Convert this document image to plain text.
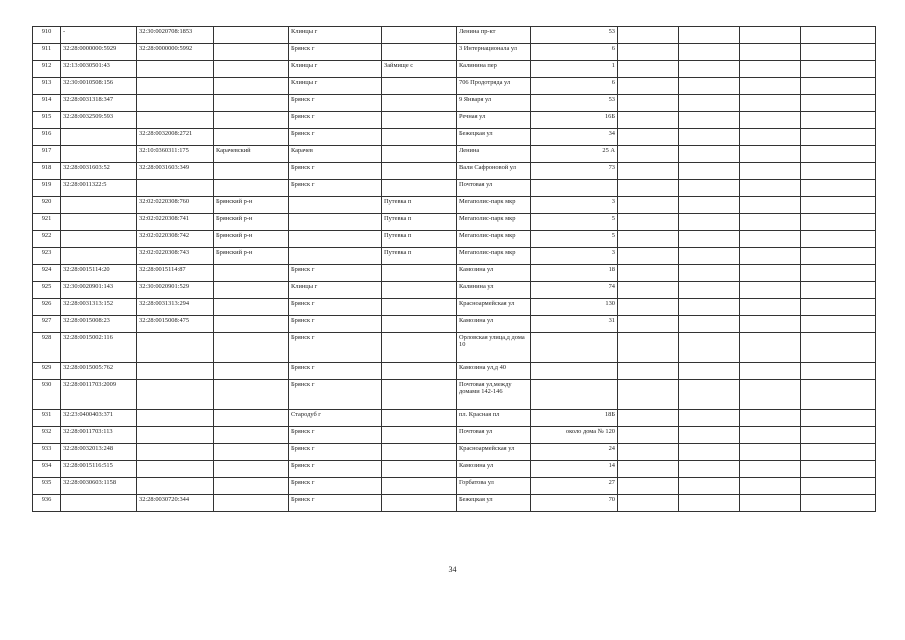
910	-	32:30:0020708:1853		Клинцы г		Ленина пр-кт	53				
911	32:28:0000000:5929	32:28:0000000:5992		Брянск г		3 Интернационала ул	6				
912	32:13:0030501:43			Клинцы г	Займище с	Калинина пер	1				
913	32:30:0010508:156			Клинцы г		706 Продотряда ул	6				
914	32:28:0031318:347			Брянск г		9 Января ул	53				
915	32:28:0032509:593			Брянск г		Речная ул	16Б				
916		32:28:0032008:2721		Брянск г		Бежецкая ул	34				
917		32:10:0360311:175	Карачевский	Карачев		Ленина	25 А				
918	32:28:0031603:52	32:28:0031603:349		Брянск г		Вали Сафроновой ул	73				
919	32:28:0011322:5			Брянск г		Почтовая ул					
920		32:02:0220308:760	Брянский р-н		Путевка п	Мегаполис-парк мкр	3				
921		32:02:0220308:741	Брянский р-н		Путевка п	Мегаполис-парк мкр	5				
922		32:02:0220308:742	Брянский р-н		Путевка п	Мегаполис-парк мкр	5				
923		32:02:0220308:743	Брянский р-н		Путевка п	Мегаполис-парк мкр	3				
924	32:28:0015114:20	32:28:0015114:87		Брянск г		Камозина ул	18				
925	32:30:0020901:143	32:30:0020901:529		Клинцы г		Калинина ул	74				
926	32:28:0031313:152	32:28:0031313:294		Брянск г		Красноармейская ул	130				
927	32:28:0015008:23	32:28:0015008:475		Брянск г		Камозина ул	31				
928	32:28:0015002:116			Брянск г		Орловская улица,д дома 10					
929	32:28:0015005:762			Брянск г		Камозина ул,д 40					
930	32:28:0011703:2009			Брянск г		Почтовая ул,между домами 142-146					
931	32:23:0400403:371			Стародуб г		пл. Красная пл	18Б				
932	32:28:0011703:113			Брянск г		Почтовая ул	около дома № 120				
933	32:28:0032013:248			Брянск г		Красноармейская ул	24				
934	32:28:0015116:515			Брянск г		Камозина ул	14				
935	32:28:0030603:1158			Брянск г		Горбатова ул	27				
936		32:28:0030720:344		Брянск г		Бежецкая ул	70				
34
